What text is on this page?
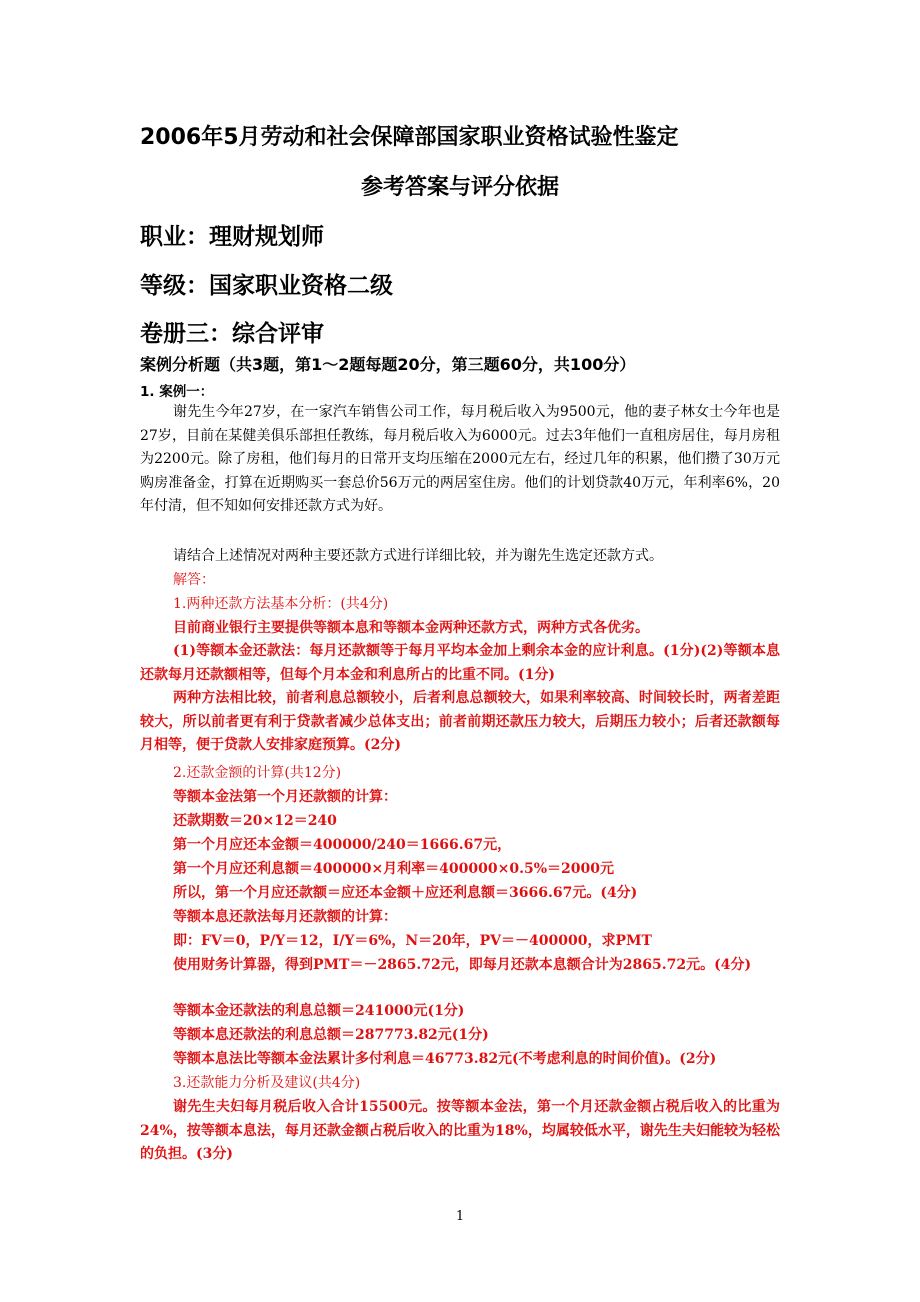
2006年5月劳动和社会保障部国家职业资格试验性鉴定
参考答案与评分依据
职业：理财规划师
等级：国家职业资格二级
卷册三：综合评审
案例分析题（共3题，第1～2题每题20分，第三题60分，共100分）
1. 案例一：
谢先生今年27岁，在一家汽车销售公司工作，每月税后收入为9500元，他的妻子林女士今年也是27岁，目前在某健美俱乐部担任教练，每月税后收入为6000元。过去3年他们一直租房居住，每月房租为2200元。除了房租，他们每月的日常开支均压缩在2000元左右，经过几年的积累，他们攒了30万元购房准备金，打算在近期购买一套总价56万元的两居室住房。他们的计划贷款40万元，年利率6%，20年付清，但不知如何安排还款方式为好。
请结合上述情况对两种主要还款方式进行详细比较，并为谢先生选定还款方式。
解答：
1.两种还款方法基本分析：(共4分)
目前商业银行主要提供等额本息和等额本金两种还款方式，两种方式各优劣。
(1)等额本金还款法：每月还款额等于每月平均本金加上剩余本金的应计利息。(1分)(2)等额本息还款每月还款额相等，但每个月本金和利息所占的比重不同。(1分)
两种方法相比较，前者利息总额较小，后者利息总额较大，如果利率较高、时间较长时，两者差距较大，所以前者更有利于贷款者减少总体支出；前者前期还款压力较大，后期压力较小；后者还款额每月相等，便于贷款人安排家庭预算。(2分)
2.还款金额的计算(共12分)
等额本金法第一个月还款额的计算：
还款期数＝20×12＝240
第一个月应还本金额＝400000/240＝1666.67元，
第一个月应还利息额＝400000×月利率＝400000×0.5%＝2000元
所以，第一个月应还款额＝应还本金额＋应还利息额＝3666.67元。(4分)
等额本息还款法每月还款额的计算：
即：FV＝0，P/Y＝12，I/Y＝6%，N＝20年，PV＝－400000，求PMT
使用财务计算器，得到PMT＝－2865.72元，即每月还款本息额合计为2865.72元。(4分)
等额本金还款法的利息总额＝241000元(1分)
等额本息还款法的利息总额＝287773.82元(1分)
等额本息法比等额本金法累计多付利息＝46773.82元(不考虑利息的时间价值)。(2分)
3.还款能力分析及建议(共4分)
谢先生夫妇每月税后收入合计15500元。按等额本金法，第一个月还款金额占税后收入的比重为24%，按等额本息法，每月还款金额占税后收入的比重为18%，均属较低水平，谢先生夫妇能较为轻松的负担。(3分)
1
